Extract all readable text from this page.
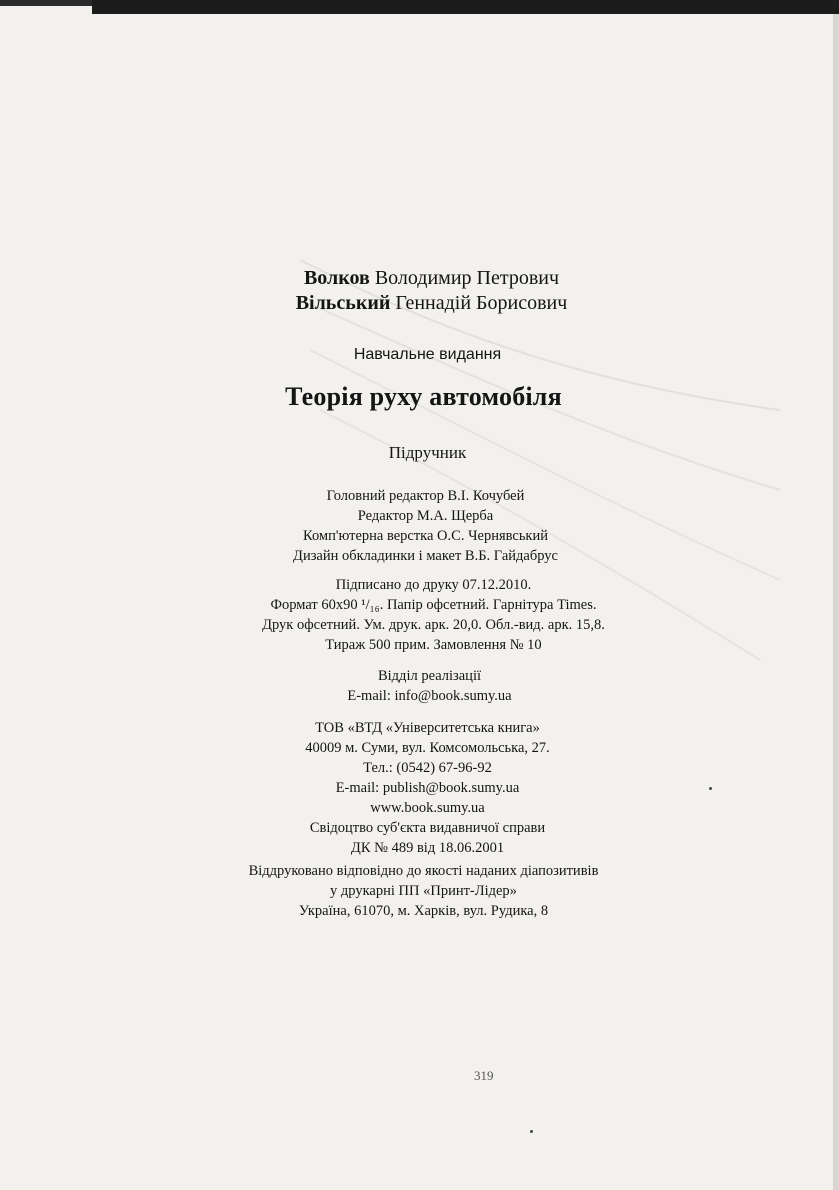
Волков Володимир Петрович
Вільський Геннадій Борисович
Навчальне видання
Теорія руху автомобіля
Підручник
Головний редактор В.І. Кочубей
Редактор М.А. Щерба
Комп'ютерна верстка О.С. Чернявський
Дизайн обкладинки і макет В.Б. Гайдабрус
Підписано до друку 07.12.2010.
Формат 60x90 ¹/₁₆. Папір офсетний. Гарнітура Times.
Друк офсетний. Ум. друк. арк. 20,0. Обл.-вид. арк. 15,8.
Тираж 500 прим. Замовлення № 10
Відділ реалізації
E-mail: info@book.sumy.ua
ТОВ «ВТД «Університетська книга»
40009 м. Суми, вул. Комсомольська, 27.
Тел.: (0542) 67-96-92
E-mail: publish@book.sumy.ua
www.book.sumy.ua
Свідоцтво суб'єкта видавничої справи
ДК № 489 від 18.06.2001
Віддруковано відповідно до якості наданих діапозитивів
у друкарні ПП «Принт-Лідер»
Україна, 61070, м. Харків, вул. Рудика, 8
319
